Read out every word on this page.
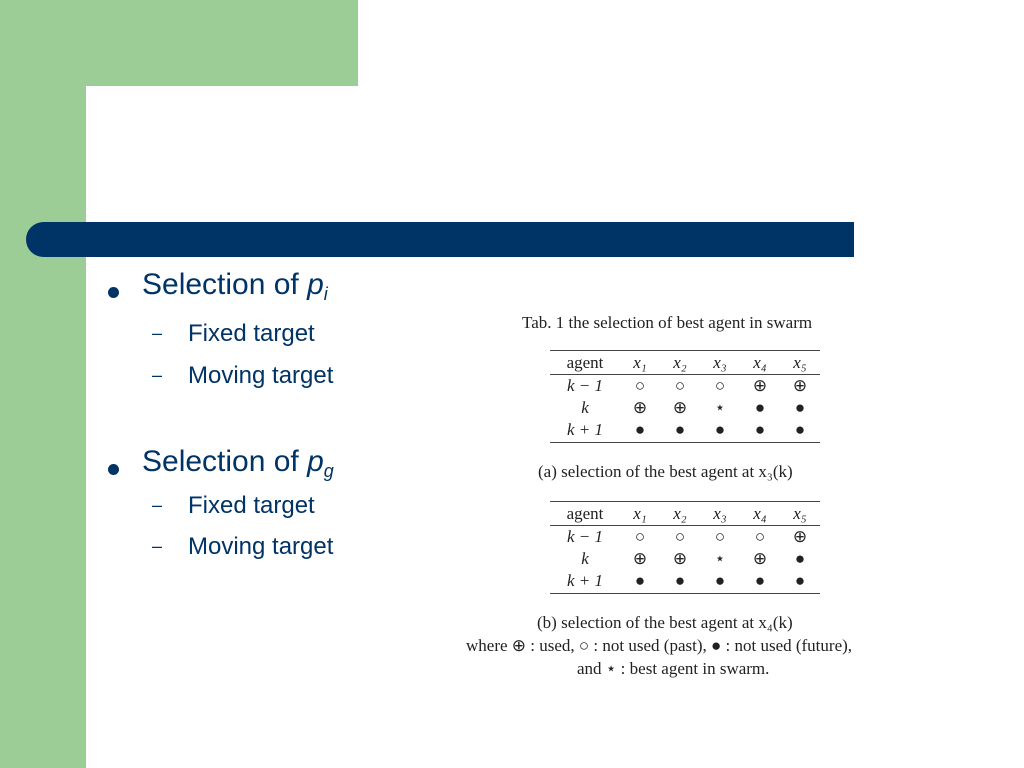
Selection of $p_i$
– Fixed target
– Moving target
Selection of $p_g$
– Fixed target
– Moving target
Tab. 1 the selection of best agent in swarm
agent	x₁	x₂	x₃	x₄	x₅
k − 1	○	○	○	⊕	⊕
k	⊕	⊕	⋆	●	●
k + 1	●	●	●	●	●
(a) selection of the best agent at x₃(k)
agent	x₁	x₂	x₃	x₄	x₅
k − 1	○	○	○	○	⊕
k	⊕	⊕	⋆	⊕	●
k + 1	●	●	●	●	●
(b) selection of the best agent at x₄(k)
where ⊕ : used, ○ : not used (past), ● : not used (future),
and ⋆ : best agent in swarm.
